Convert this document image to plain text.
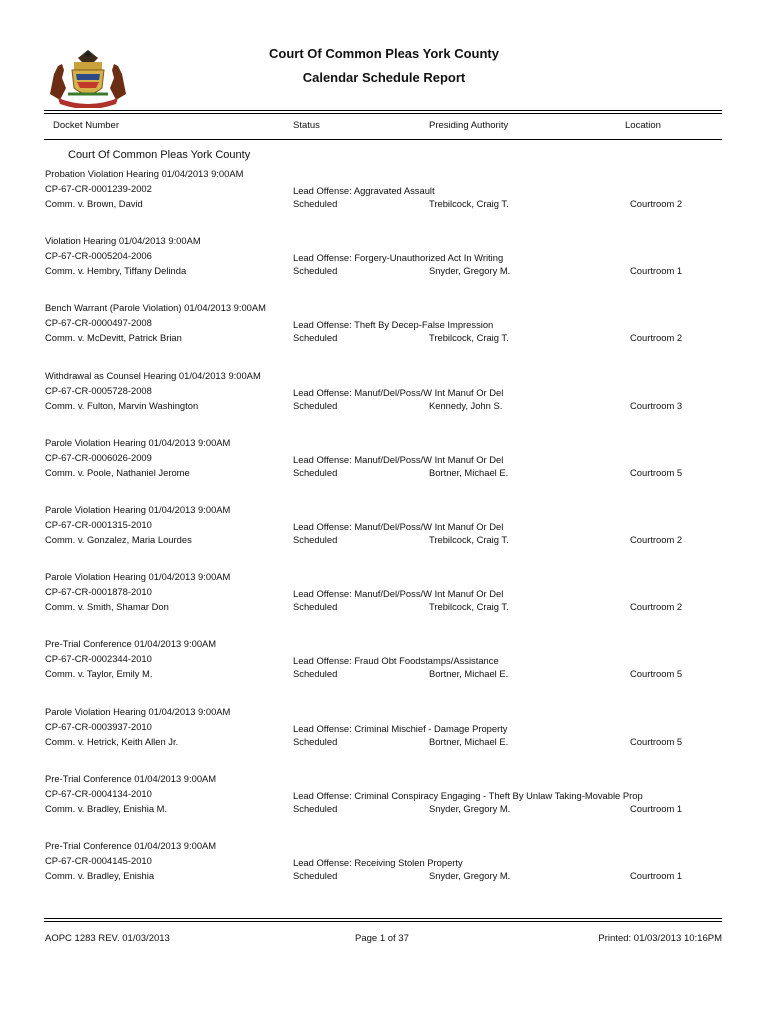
Court Of Common Pleas York County
Calendar Schedule Report
Docket Number	Status	Presiding Authority	Location
Court Of Common Pleas York County
Probation Violation Hearing 01/04/2013 9:00AM
CP-67-CR-0001239-2002
Comm. v. Brown, David
Lead Offense: Aggravated Assault
Scheduled	Trebilcock, Craig T.	Courtroom 2
Violation Hearing 01/04/2013 9:00AM
CP-67-CR-0005204-2006
Comm. v. Hembry, Tiffany Delinda
Lead Offense: Forgery-Unauthorized Act In Writing
Scheduled	Snyder, Gregory M.	Courtroom 1
Bench Warrant (Parole Violation) 01/04/2013 9:00AM
CP-67-CR-0000497-2008
Comm. v. McDevitt, Patrick Brian
Lead Offense: Theft By Decep-False Impression
Scheduled	Trebilcock, Craig T.	Courtroom 2
Withdrawal as Counsel Hearing 01/04/2013 9:00AM
CP-67-CR-0005728-2008
Comm. v. Fulton, Marvin Washington
Lead Offense: Manuf/Del/Poss/W Int Manuf Or Del
Scheduled	Kennedy, John S.	Courtroom 3
Parole Violation Hearing 01/04/2013 9:00AM
CP-67-CR-0006026-2009
Comm. v. Poole, Nathaniel Jerome
Lead Offense: Manuf/Del/Poss/W Int Manuf Or Del
Scheduled	Bortner, Michael E.	Courtroom 5
Parole Violation Hearing 01/04/2013 9:00AM
CP-67-CR-0001315-2010
Comm. v. Gonzalez, Maria Lourdes
Lead Offense: Manuf/Del/Poss/W Int Manuf Or Del
Scheduled	Trebilcock, Craig T.	Courtroom 2
Parole Violation Hearing 01/04/2013 9:00AM
CP-67-CR-0001878-2010
Comm. v. Smith, Shamar Don
Lead Offense: Manuf/Del/Poss/W Int Manuf Or Del
Scheduled	Trebilcock, Craig T.	Courtroom 2
Pre-Trial Conference 01/04/2013 9:00AM
CP-67-CR-0002344-2010
Comm. v. Taylor, Emily M.
Lead Offense: Fraud Obt Foodstamps/Assistance
Scheduled	Bortner, Michael E.	Courtroom 5
Parole Violation Hearing 01/04/2013 9:00AM
CP-67-CR-0003937-2010
Comm. v. Hetrick, Keith Allen Jr.
Lead Offense: Criminal Mischief - Damage Property
Scheduled	Bortner, Michael E.	Courtroom 5
Pre-Trial Conference 01/04/2013 9:00AM
CP-67-CR-0004134-2010
Comm. v. Bradley, Enishia M.
Lead Offense: Criminal Conspiracy Engaging - Theft By Unlaw Taking-Movable Prop
Scheduled	Snyder, Gregory M.	Courtroom 1
Pre-Trial Conference 01/04/2013 9:00AM
CP-67-CR-0004145-2010
Comm. v. Bradley, Enishia
Lead Offense: Receiving Stolen Property
Scheduled	Snyder, Gregory M.	Courtroom 1
AOPC 1283 REV. 01/03/2013	Page 1 of 37	Printed: 01/03/2013 10:16PM
